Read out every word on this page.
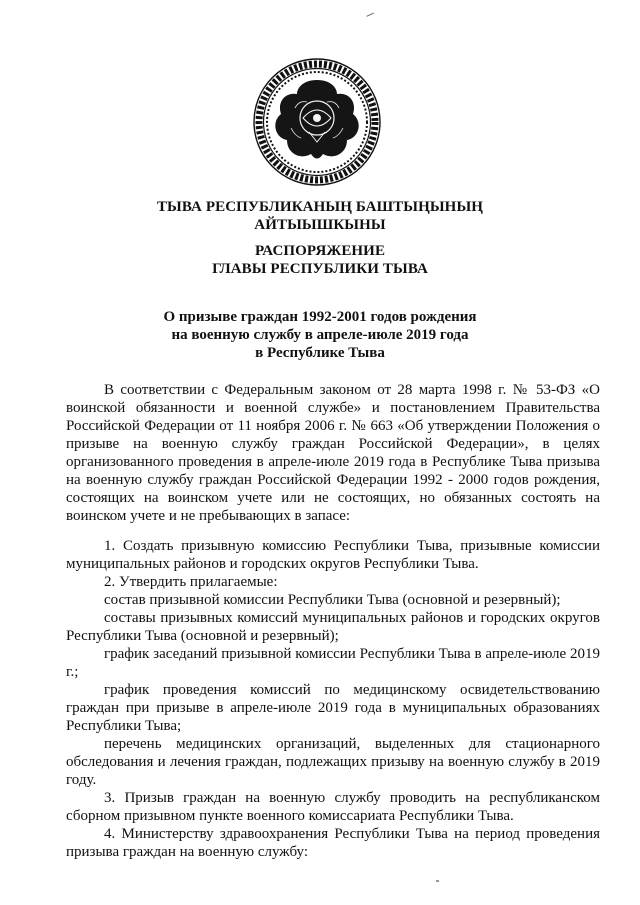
ТЫВА РЕСПУБЛИКАНЫҢ БАШТЫҢЫНЫҢ
АЙТЫЫШКЫНЫ
РАСПОРЯЖЕНИЕ
ГЛАВЫ РЕСПУБЛИКИ ТЫВА
О призыве граждан 1992-2001 годов рождения
на военную службу в апреле-июле 2019 года
в Республике Тыва

В соответствии с Федеральным законом от 28 марта 1998 г. № 53-ФЗ «О воинской обязанности и военной службе» и постановлением Правительства Российской Федерации от 11 ноября 2006 г. № 663 «Об утверждении Положения о призыве на военную службу граждан Российской Федерации», в целях организованного проведения в апреле-июле 2019 года в Республике Тыва призыва на военную службу граждан Российской Федерации 1992 - 2000 годов рождения, состоящих на воинском учете или не состоящих, но обязанных состоять на воинском учете и не пребывающих в запасе:

1. Создать призывную комиссию Республики Тыва, призывные комиссии муниципальных районов и городских округов Республики Тыва.

2. Утвердить прилагаемые:

состав призывной комиссии Республики Тыва (основной и резервный);

составы призывных комиссий муниципальных районов и городских округов Республики Тыва (основной и резервный);

график заседаний призывной комиссии Республики Тыва в апреле-июле 2019 г.;

график проведения комиссий по медицинскому освидетельствованию граждан при призыве в апреле-июле 2019 года в муниципальных образованиях Республики Тыва;

перечень медицинских организаций, выделенных для стационарного обследования и лечения граждан, подлежащих призыву на военную службу в 2019 году.

3. Призыв граждан на военную службу проводить на республиканском сборном призывном пункте военного комиссариата Республики Тыва.

4. Министерству здравоохранения Республики Тыва на период проведения призыва граждан на военную службу:
